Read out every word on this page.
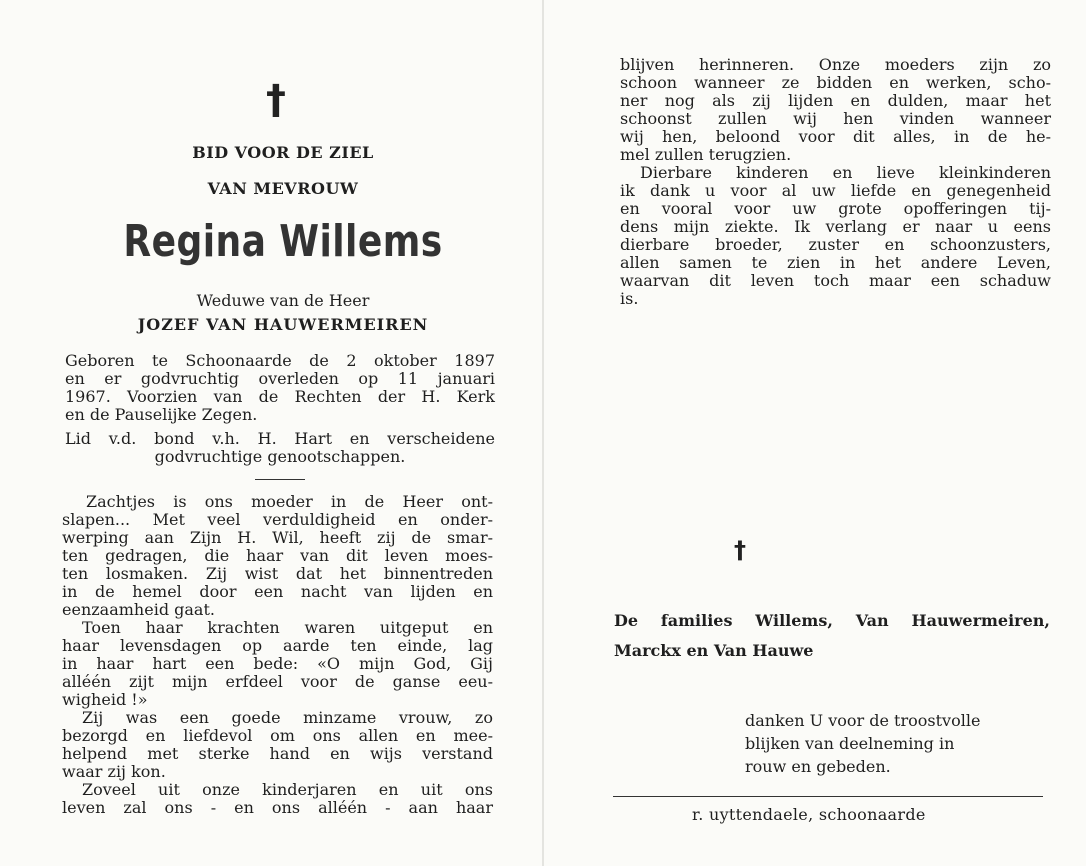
†
BID VOOR DE ZIEL
VAN MEVROUW
Regina Willems
Weduwe van de Heer
JOZEF VAN HAUWERMEIREN
Geboren te Schoonaarde de 2 oktober 1897
en er godvruchtig overleden op 11 januari
1967. Voorzien van de Rechten der H. Kerk
en de Pauselijke Zegen.
Lid v.d. bond v.h. H. Hart en verscheidene
godvruchtige genootschappen.
Zachtjes is ons moeder in de Heer ont-
slapen... Met veel verduldigheid en onder-
werping aan Zijn H. Wil, heeft zij de smar-
ten gedragen, die haar van dit leven moes-
ten losmaken. Zij wist dat het binnentreden
in de hemel door een nacht van lijden en
eenzaamheid gaat.
Toen haar krachten waren uitgeput en
haar levensdagen op aarde ten einde, lag
in haar hart een bede: «O mijn God, Gij
alléén zijt mijn erfdeel voor de ganse eeu-
wigheid !»
Zij was een goede minzame vrouw, zo
bezorgd en liefdevol om ons allen en mee-
helpend met sterke hand en wijs verstand
waar zij kon.
Zoveel uit onze kinderjaren en uit ons
leven zal ons - en ons alléén - aan haar
blijven herinneren. Onze moeders zijn zo
schoon wanneer ze bidden en werken, scho-
ner nog als zij lijden en dulden, maar het
schoonst zullen wij hen vinden wanneer
wij hen, beloond voor dit alles, in de he-
mel zullen terugzien.
Dierbare kinderen en lieve kleinkinderen
ik dank u voor al uw liefde en genegenheid
en vooral voor uw grote opofferingen tij-
dens mijn ziekte. Ik verlang er naar u eens
dierbare broeder, zuster en schoonzusters,
allen samen te zien in het andere Leven,
waarvan dit leven toch maar een schaduw
is.
†
De families Willems, Van Hauwermeiren,
Marckx en Van Hauwe
danken U voor de troostvolle
blijken van deelneming in
rouw en gebeden.
r. uyttendaele, schoonaarde
